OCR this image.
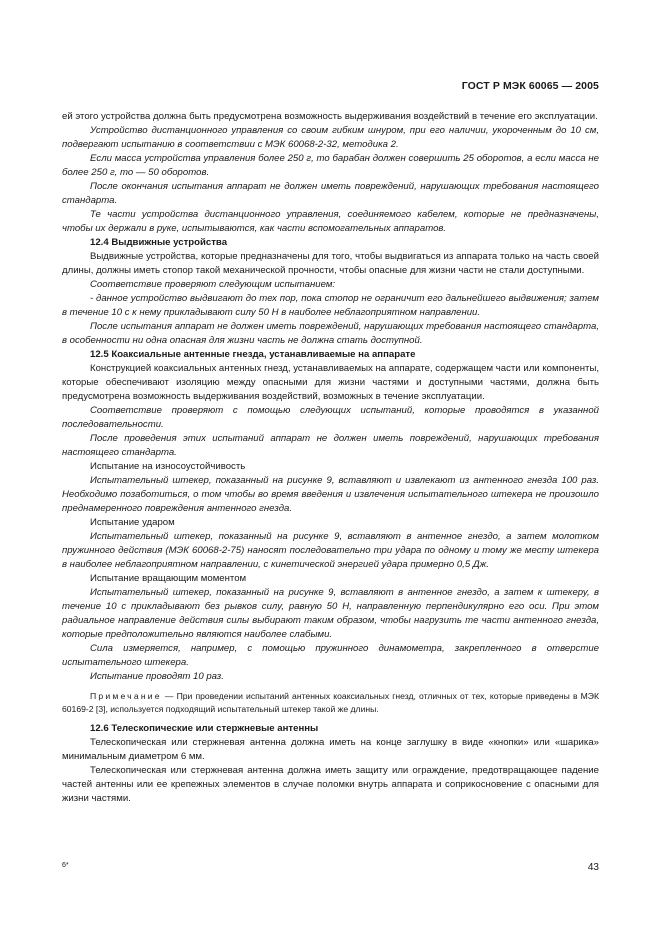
ГОСТ Р МЭК 60065 — 2005

ей этого устройства должна быть предусмотрена возможность выдерживания воздействий в течение его эксплуатации.

Устройство дистанционного управления со своим гибким шнуром, при его наличии, укороченным до 10 см, подвергают испытанию в соответствии с МЭК 60068-2-32, методика 2.

Если масса устройства управления более 250 г, то барабан должен совершить 25 оборотов, а если масса не более 250 г, то — 50 оборотов.

После окончания испытания аппарат не должен иметь повреждений, нарушающих требования настоящего стандарта.

Те части устройства дистанционного управления, соединяемого кабелем, которые не предназначены, чтобы их держали в руке, испытываются, как части вспомогательных аппаратов.

12.4 Выдвижные устройства

Выдвижные устройства, которые предназначены для того, чтобы выдвигаться из аппарата только на часть своей длины, должны иметь стопор такой механической прочности, чтобы опасные для жизни части не стали доступными.

Соответствие проверяют следующим испытанием:

- данное устройство выдвигают до тех пор, пока стопор не ограничит его дальнейшего выдвижения; затем в течение 10 с к нему прикладывают силу 50 Н в наиболее неблагоприятном направлении.

После испытания аппарат не должен иметь повреждений, нарушающих требования настоящего стандарта, в особенности ни одна опасная для жизни часть не должна стать доступной.

12.5 Коаксиальные антенные гнезда, устанавливаемые на аппарате

Конструкцией коаксиальных антенных гнезд, устанавливаемых на аппарате, содержащем части или компоненты, которые обеспечивают изоляцию между опасными для жизни частями и доступными частями, должна быть предусмотрена возможность выдерживания воздействий, возможных в течение эксплуатации.

Соответствие проверяют с помощью следующих испытаний, которые проводятся в указанной последовательности.

После проведения этих испытаний аппарат не должен иметь повреждений, нарушающих требования настоящего стандарта.

Испытание на износоустойчивость

Испытательный штекер, показанный на рисунке 9, вставляют и извлекают из антенного гнезда 100 раз. Необходимо позаботиться, о том чтобы во время введения и извлечения испытательного штекера не произошло преднамеренного повреждения антенного гнезда.

Испытание ударом

Испытательный штекер, показанный на рисунке 9, вставляют в антенное гнездо, а затем молотком пружинного действия (МЭК 60068-2-75) наносят последовательно три удара по одному и тому же месту штекера в наиболее неблагоприятном направлении, с кинетической энергией удара примерно 0,5 Дж.

Испытание вращающим моментом

Испытательный штекер, показанный на рисунке 9, вставляют в антенное гнездо, а затем к штекеру, в течение 10 с прикладывают без рывков силу, равную 50 Н, направленную перпендикулярно его оси. При этом радиальное направление действия силы выбирают таким образом, чтобы нагрузить те части антенного гнезда, которые предположительно являются наиболее слабыми.

Сила измеряется, например, с помощью пружинного динамометра, закрепленного в отверстие испытательного штекера.

Испытание проводят 10 раз.

Примечание — При проведении испытаний антенных коаксиальных гнезд, отличных от тех, которые приведены в МЭК 60169-2 [3], используется подходящий испытательный штекер такой же длины.

12.6 Телескопические или стержневые антенны

Телескопическая или стержневая антенна должна иметь на конце заглушку в виде «кнопки» или «шарика» минимальным диаметром 6 мм.

Телескопическая или стержневая антенна должна иметь защиту или ограждение, предотвращающее падение частей антенны или ее крепежных элементов в случае поломки внутрь аппарата и соприкосновение с опасными для жизни частями.

6*	43
